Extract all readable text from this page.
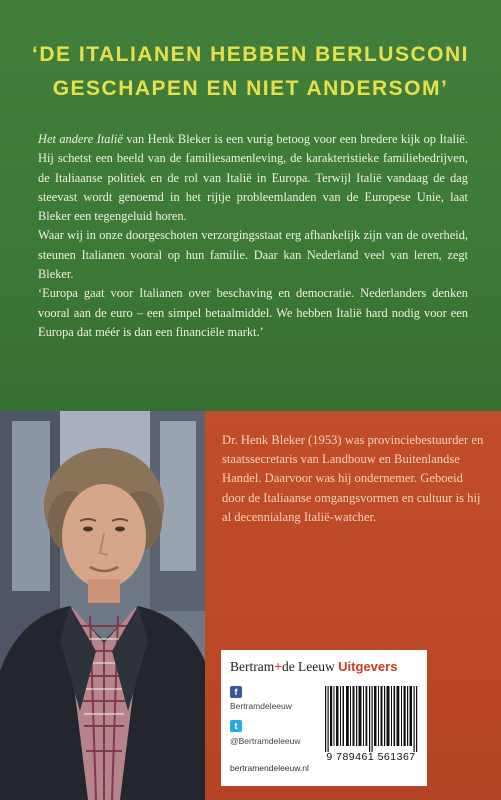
‘DE ITALIANEN HEBBEN BERLUSCONI
GESCHAPEN EN NIET ANDERSOM’

Het andere Italië van Henk Bleker is een vurig betoog voor een bredere kijk op Italië. Hij schetst een beeld van de familiesamenleving, de karakteristieke familiebedrijven, de Italiaanse politiek en de rol van Italië in Europa. Terwijl Italië vandaag de dag steevast wordt genoemd in het rijtje probleemlanden van de Europese Unie, laat Bleker een tegengeluid horen.

Waar wij in onze doorgeschoten verzorgingsstaat erg afhankelijk zijn van de overheid, steunen Italianen vooral op hun familie. Daar kan Nederland veel van leren, zegt Bleker.

‘Europa gaat voor Italianen over beschaving en democratie. Nederlanders denken vooral aan de euro – een simpel betaalmiddel. We hebben Italië hard nodig voor een Europa dat méér is dan een financiële markt.’

Dr. Henk Bleker (1953) was provinciebestuurder en staatssecretaris van Landbouw en Buitenlandse Handel. Daarvoor was hij ondernemer. Geboeid door de Italiaanse omgangsvormen en cultuur is hij al decennialang Italië-watcher.

Bertram+de Leeuw Uitgevers
f
Bertramdeleeuw
t
@Bertramdeleeuw
bertramendeleeuw.nl
9 789461 561367
